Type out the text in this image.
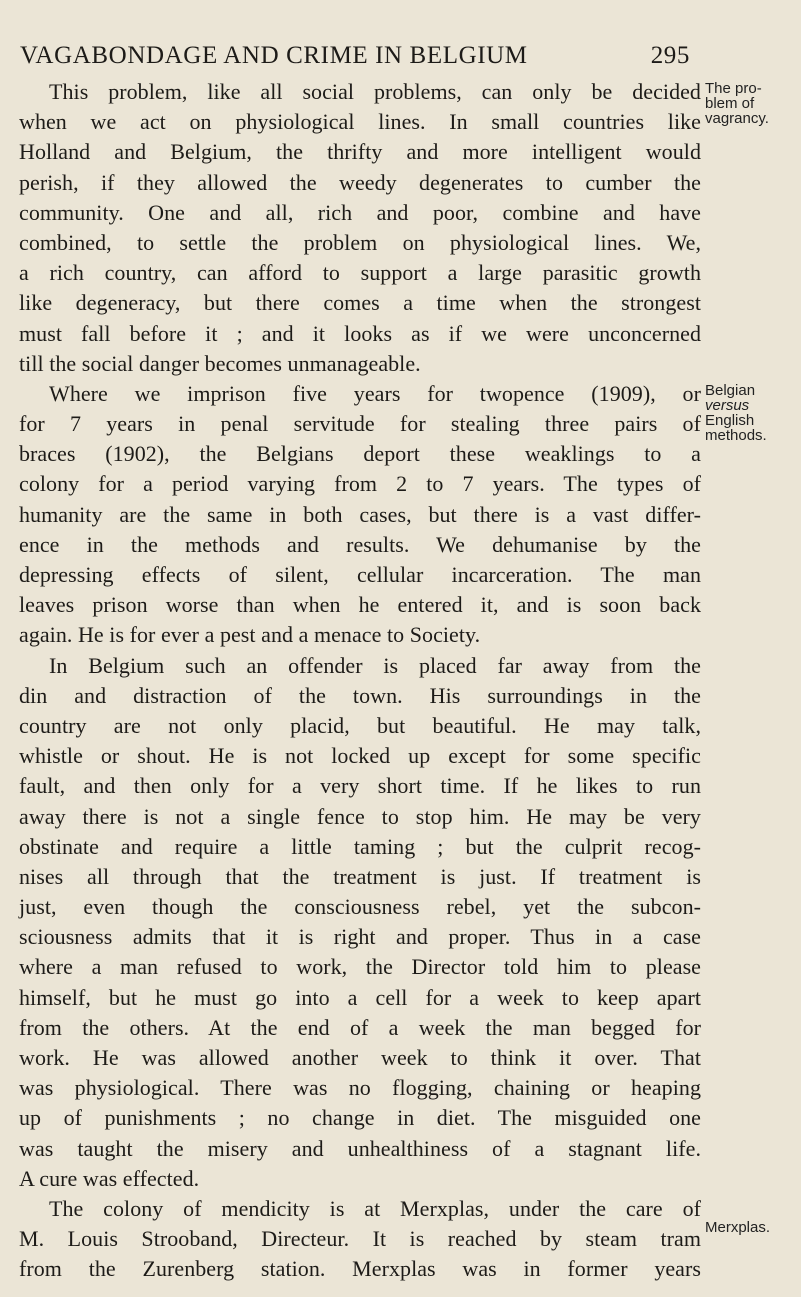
VAGABONDAGE AND CRIME IN BELGIUM	295
This problem, like all social problems, can only be decided
when we act on physiological lines. In small countries like
Holland and Belgium, the thrifty and more intelligent would
perish, if they allowed the weedy degenerates to cumber the
community. One and all, rich and poor, combine and have
combined, to settle the problem on physiological lines. We,
a rich country, can afford to support a large parasitic growth
like degeneracy, but there comes a time when the strongest
must fall before it ; and it looks as if we were unconcerned
till the social danger becomes unmanageable.
Where we imprison five years for twopence (1909), or
for 7 years in penal servitude for stealing three pairs of
braces (1902), the Belgians deport these weaklings to a
colony for a period varying from 2 to 7 years. The types of
humanity are the same in both cases, but there is a vast differ-
ence in the methods and results. We dehumanise by the
depressing effects of silent, cellular incarceration. The man
leaves prison worse than when he entered it, and is soon back
again. He is for ever a pest and a menace to Society.
In Belgium such an offender is placed far away from the
din and distraction of the town. His surroundings in the
country are not only placid, but beautiful. He may talk,
whistle or shout. He is not locked up except for some specific
fault, and then only for a very short time. If he likes to run
away there is not a single fence to stop him. He may be very
obstinate and require a little taming ; but the culprit recog-
nises all through that the treatment is just. If treatment is
just, even though the consciousness rebel, yet the subcon-
sciousness admits that it is right and proper. Thus in a case
where a man refused to work, the Director told him to please
himself, but he must go into a cell for a week to keep apart
from the others. At the end of a week the man begged for
work. He was allowed another week to think it over. That
was physiological. There was no flogging, chaining or heaping
up of punishments ; no change in diet. The misguided one
was taught the misery and unhealthiness of a stagnant life.
A cure was effected.
The colony of mendicity is at Merxplas, under the care of
M. Louis Strooband, Directeur. It is reached by steam tram
from the Zurenberg station. Merxplas was in former years
The pro-
blem of
vagrancy.
Belgian
versus
English
methods.
Merxplas.
